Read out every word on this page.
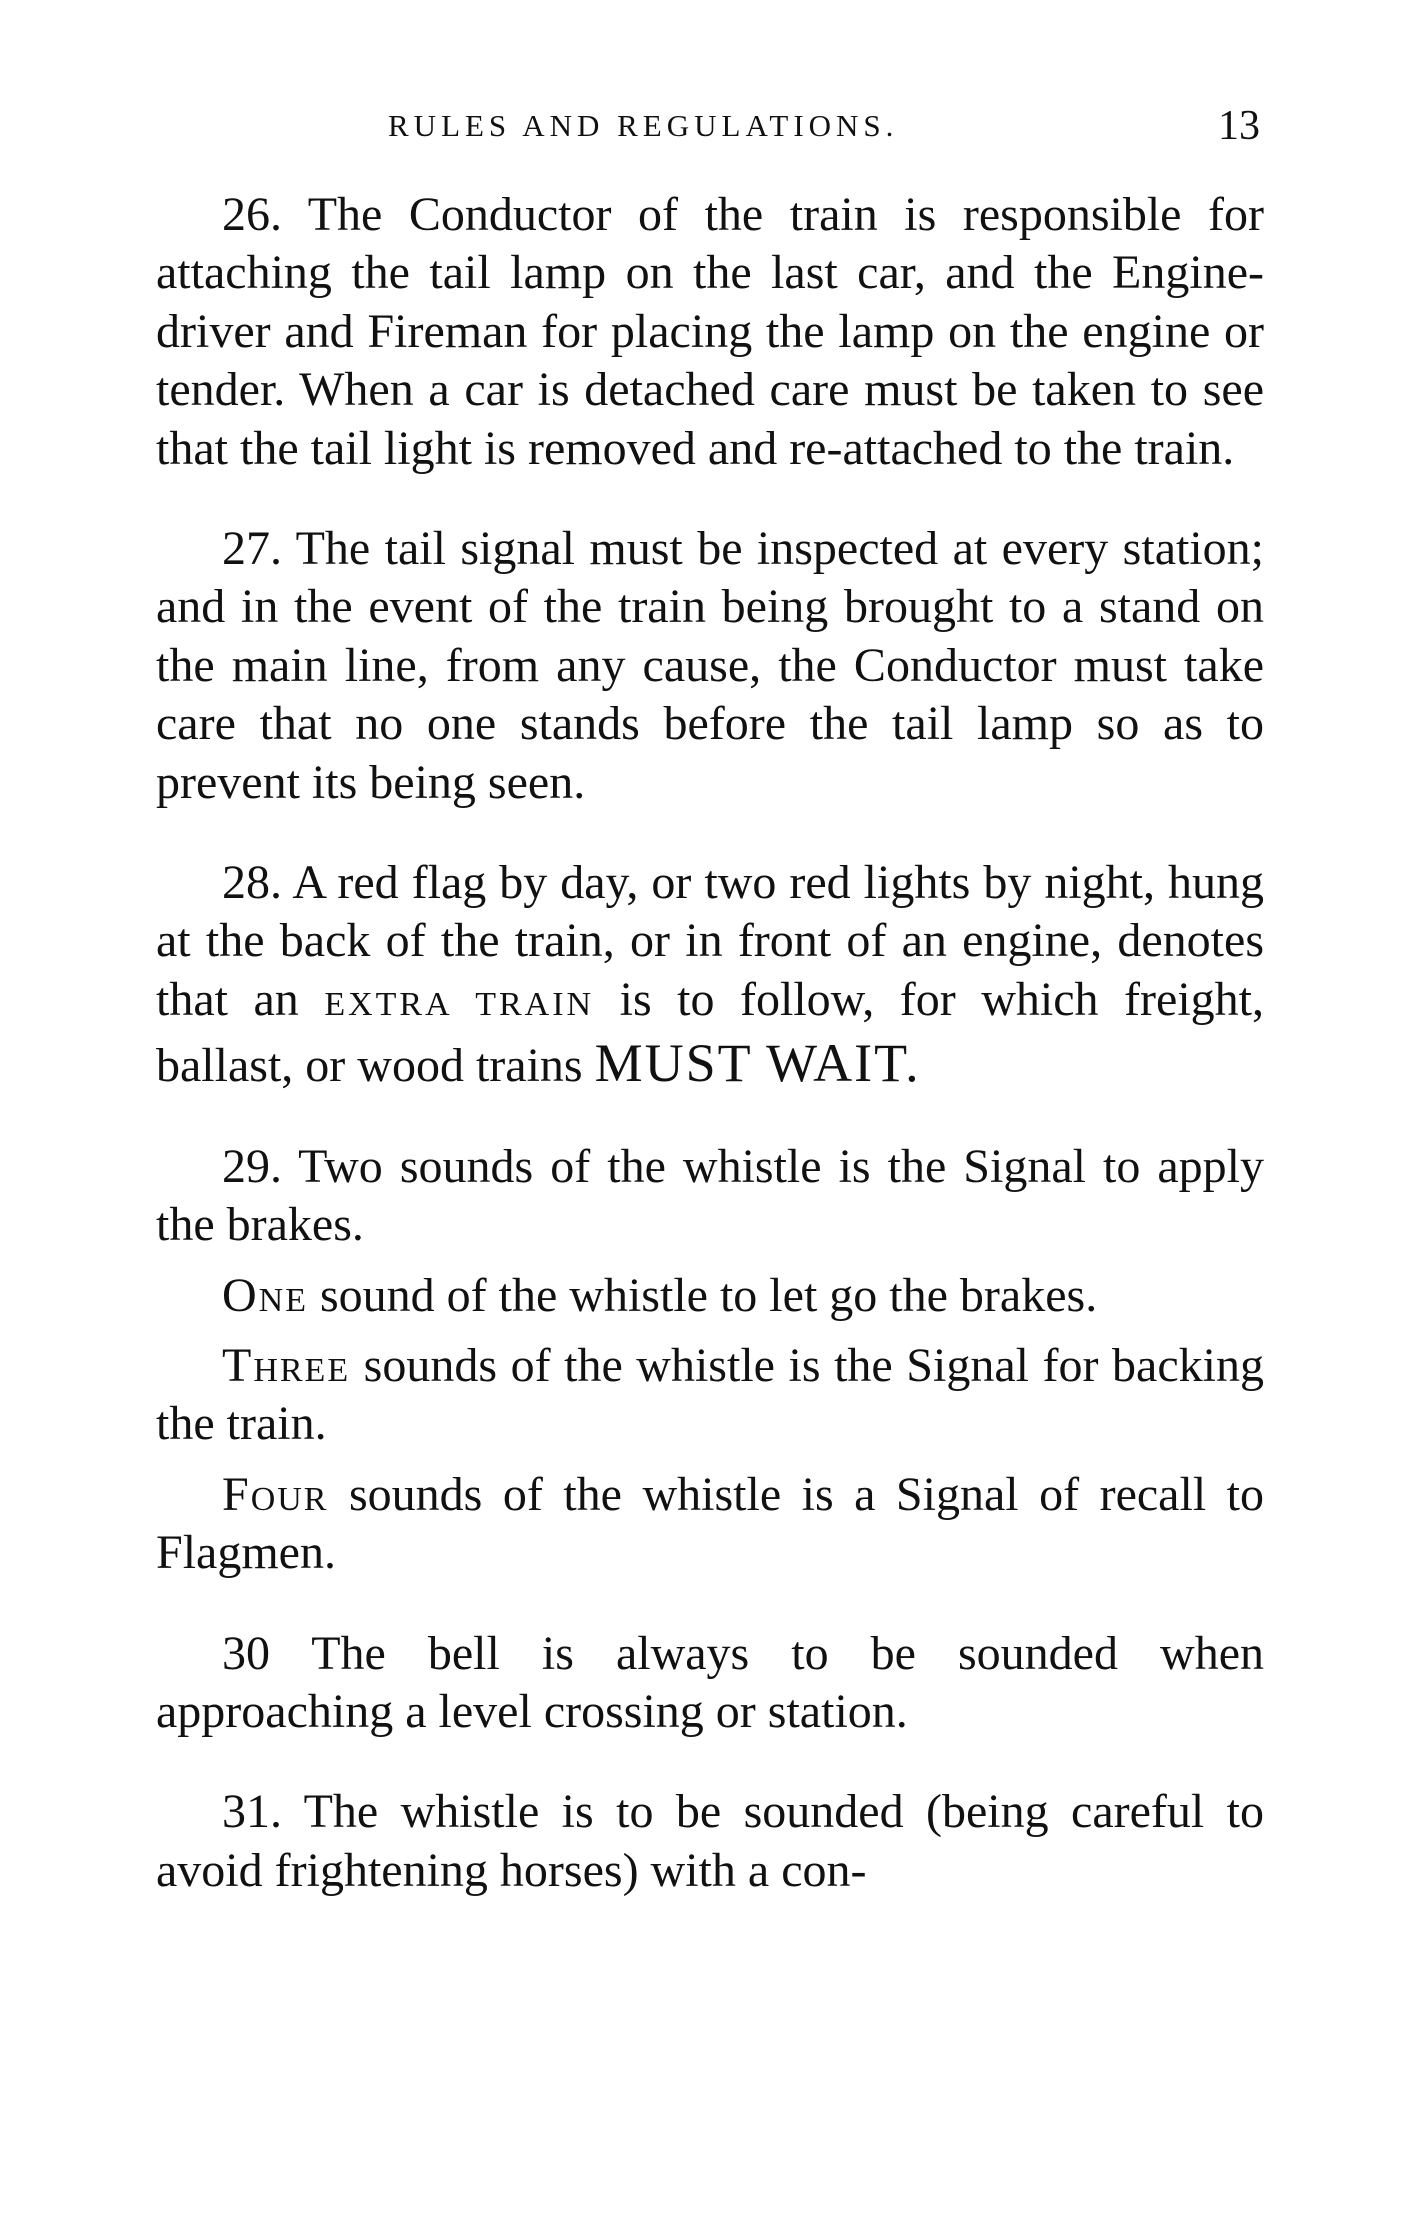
RULES AND REGULATIONS.	13

26. The Conductor of the train is responsible for attaching the tail lamp on the last car, and the Engine-driver and Fireman for placing the lamp on the engine or tender. When a car is detached care must be taken to see that the tail light is removed and re-attached to the train.

27. The tail signal must be inspected at every station; and in the event of the train being brought to a stand on the main line, from any cause, the Conductor must take care that no one stands before the tail lamp so as to prevent its being seen.

28. A red flag by day, or two red lights by night, hung at the back of the train, or in front of an engine, denotes that an EXTRA TRAIN is to follow, for which freight, ballast, or wood trains MUST WAIT.

29. Two sounds of the whistle is the Signal to apply the brakes.

One sound of the whistle to let go the brakes.

Three sounds of the whistle is the Signal for backing the train.

Four sounds of the whistle is a Signal of recall to Flagmen.

30 The bell is always to be sounded when approaching a level crossing or station.

31. The whistle is to be sounded (being careful to avoid frightening horses) with a con-
